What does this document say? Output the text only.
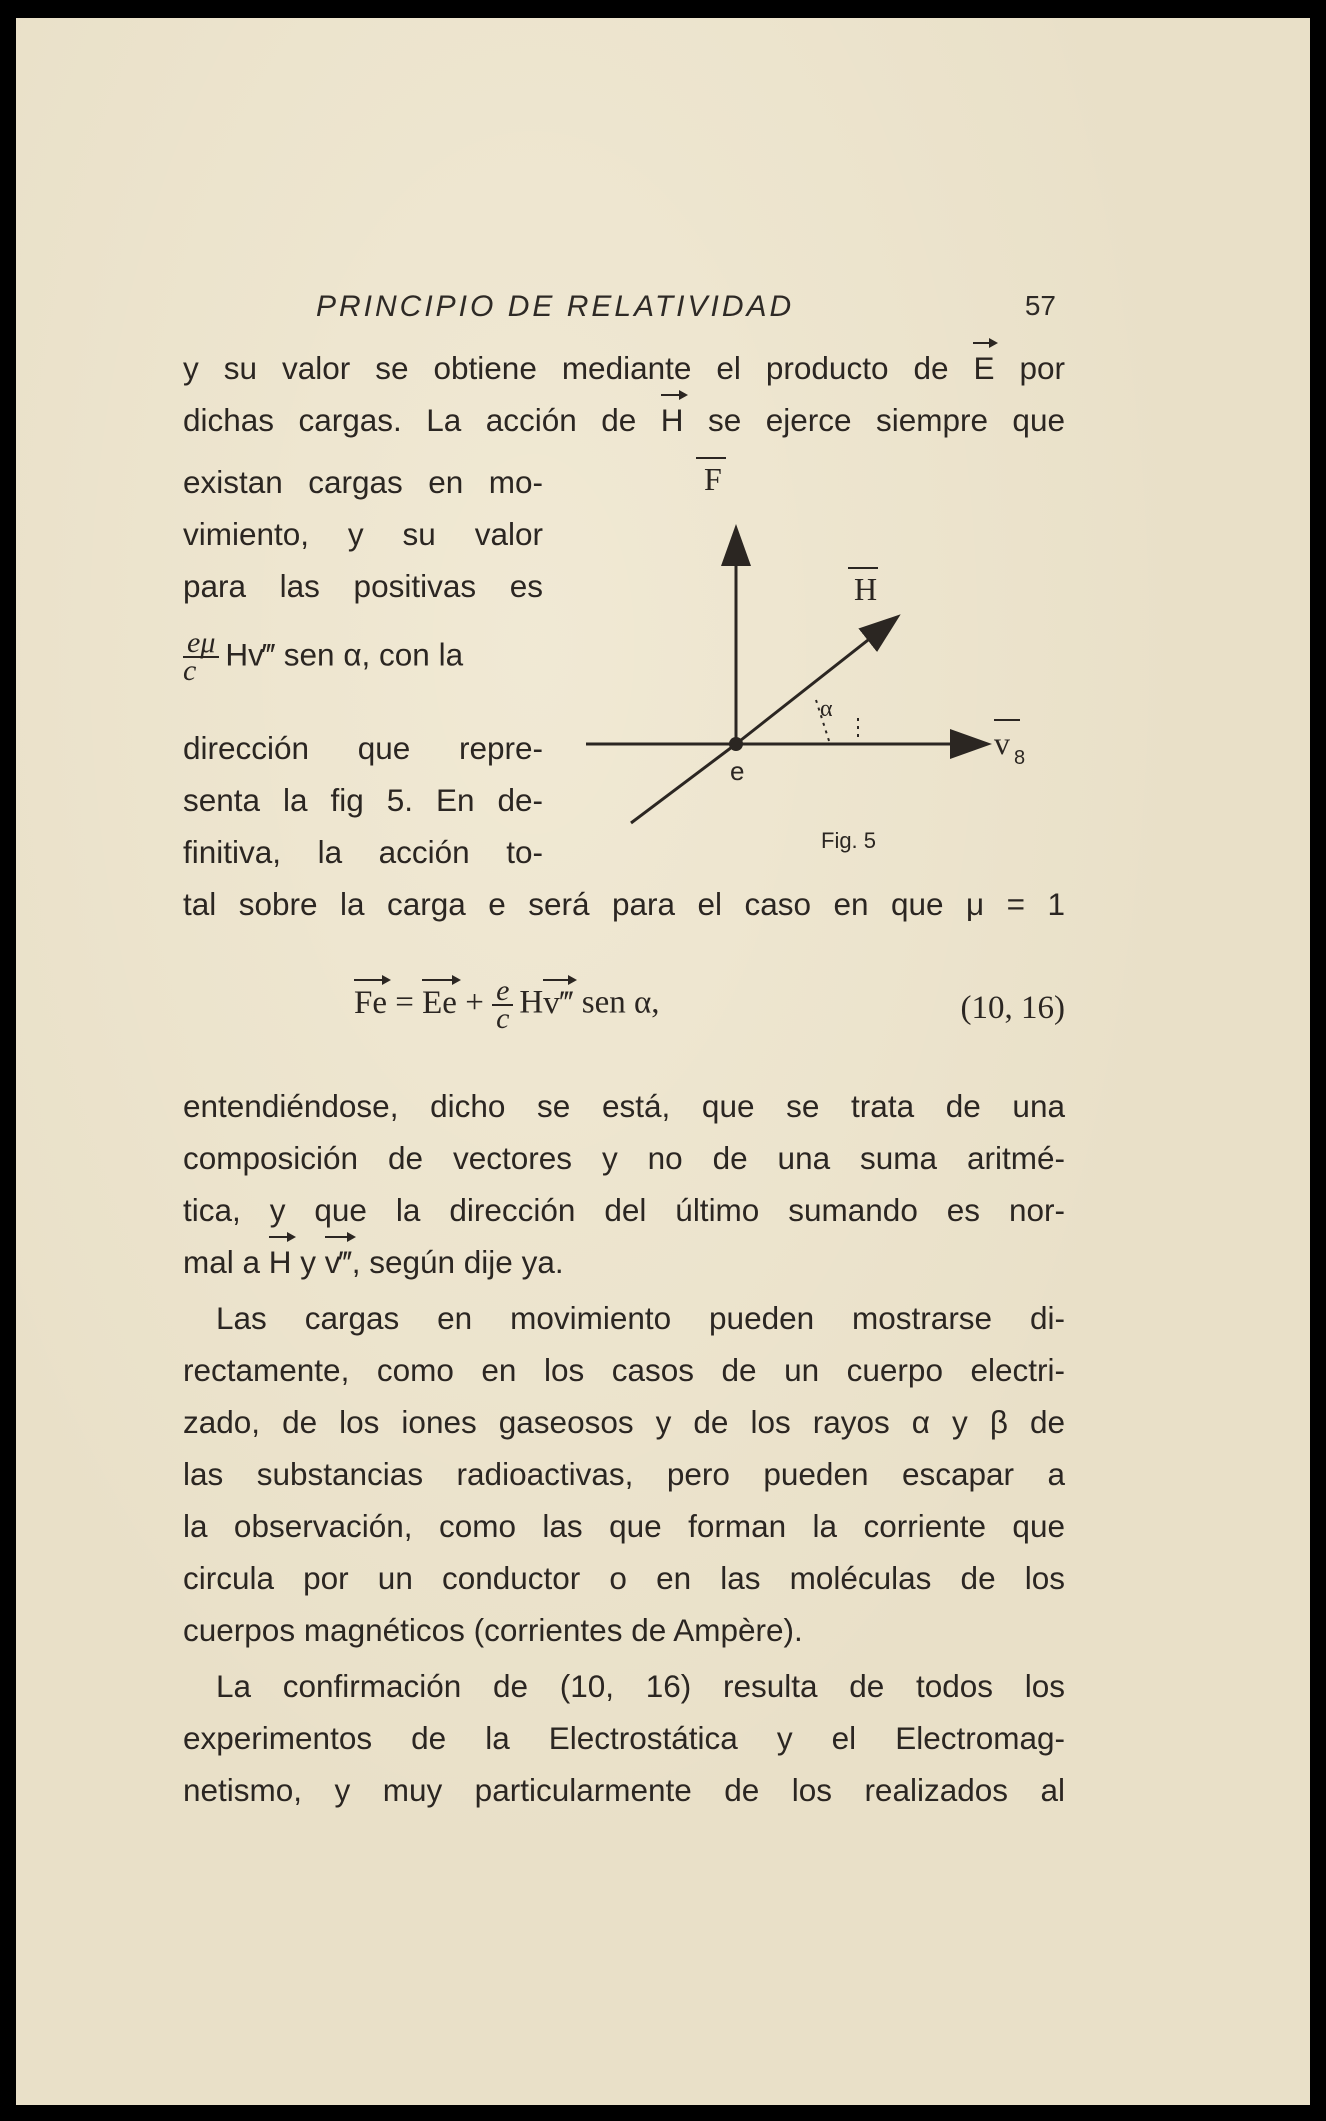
PRINCIPIO DE RELATIVIDAD	57
y su valor se obtiene mediante el producto de E por
dichas cargas. La acción de H se ejerce siempre que
existan cargas en mo-
vimiento, y su valor
para las positivas es
$\frac{e\mu}{c}$ Hv‴ sen α, con la
dirección que repre-
senta la fig 5. En de-
finitiva, la acción to-
tal sobre la carga e será para el caso en que μ = 1
$Fe = Ee + \frac{e}{c}$ Hv‴ sen α,	(10, 16)
entendiéndose, dicho se está, que se trata de una
composición de vectores y no de una suma aritmé-
tica, y que la dirección del último sumando es nor-
mal a H y v‴, según dije ya.
Las cargas en movimiento pueden mostrarse di-
rectamente, como en los casos de un cuerpo electri-
zado, de los iones gaseosos y de los rayos α y β de
las substancias radioactivas, pero pueden escapar a
la observación, como las que forman la corriente que
circula por un conductor o en las moléculas de los
cuerpos magnéticos (corrientes de Ampère).
La confirmación de (10, 16) resulta de todos los
experimentos de la Electrostática y el Electromag-
netismo, y muy particularmente de los realizados al
F
H
v 8
e
α
Fig. 5
